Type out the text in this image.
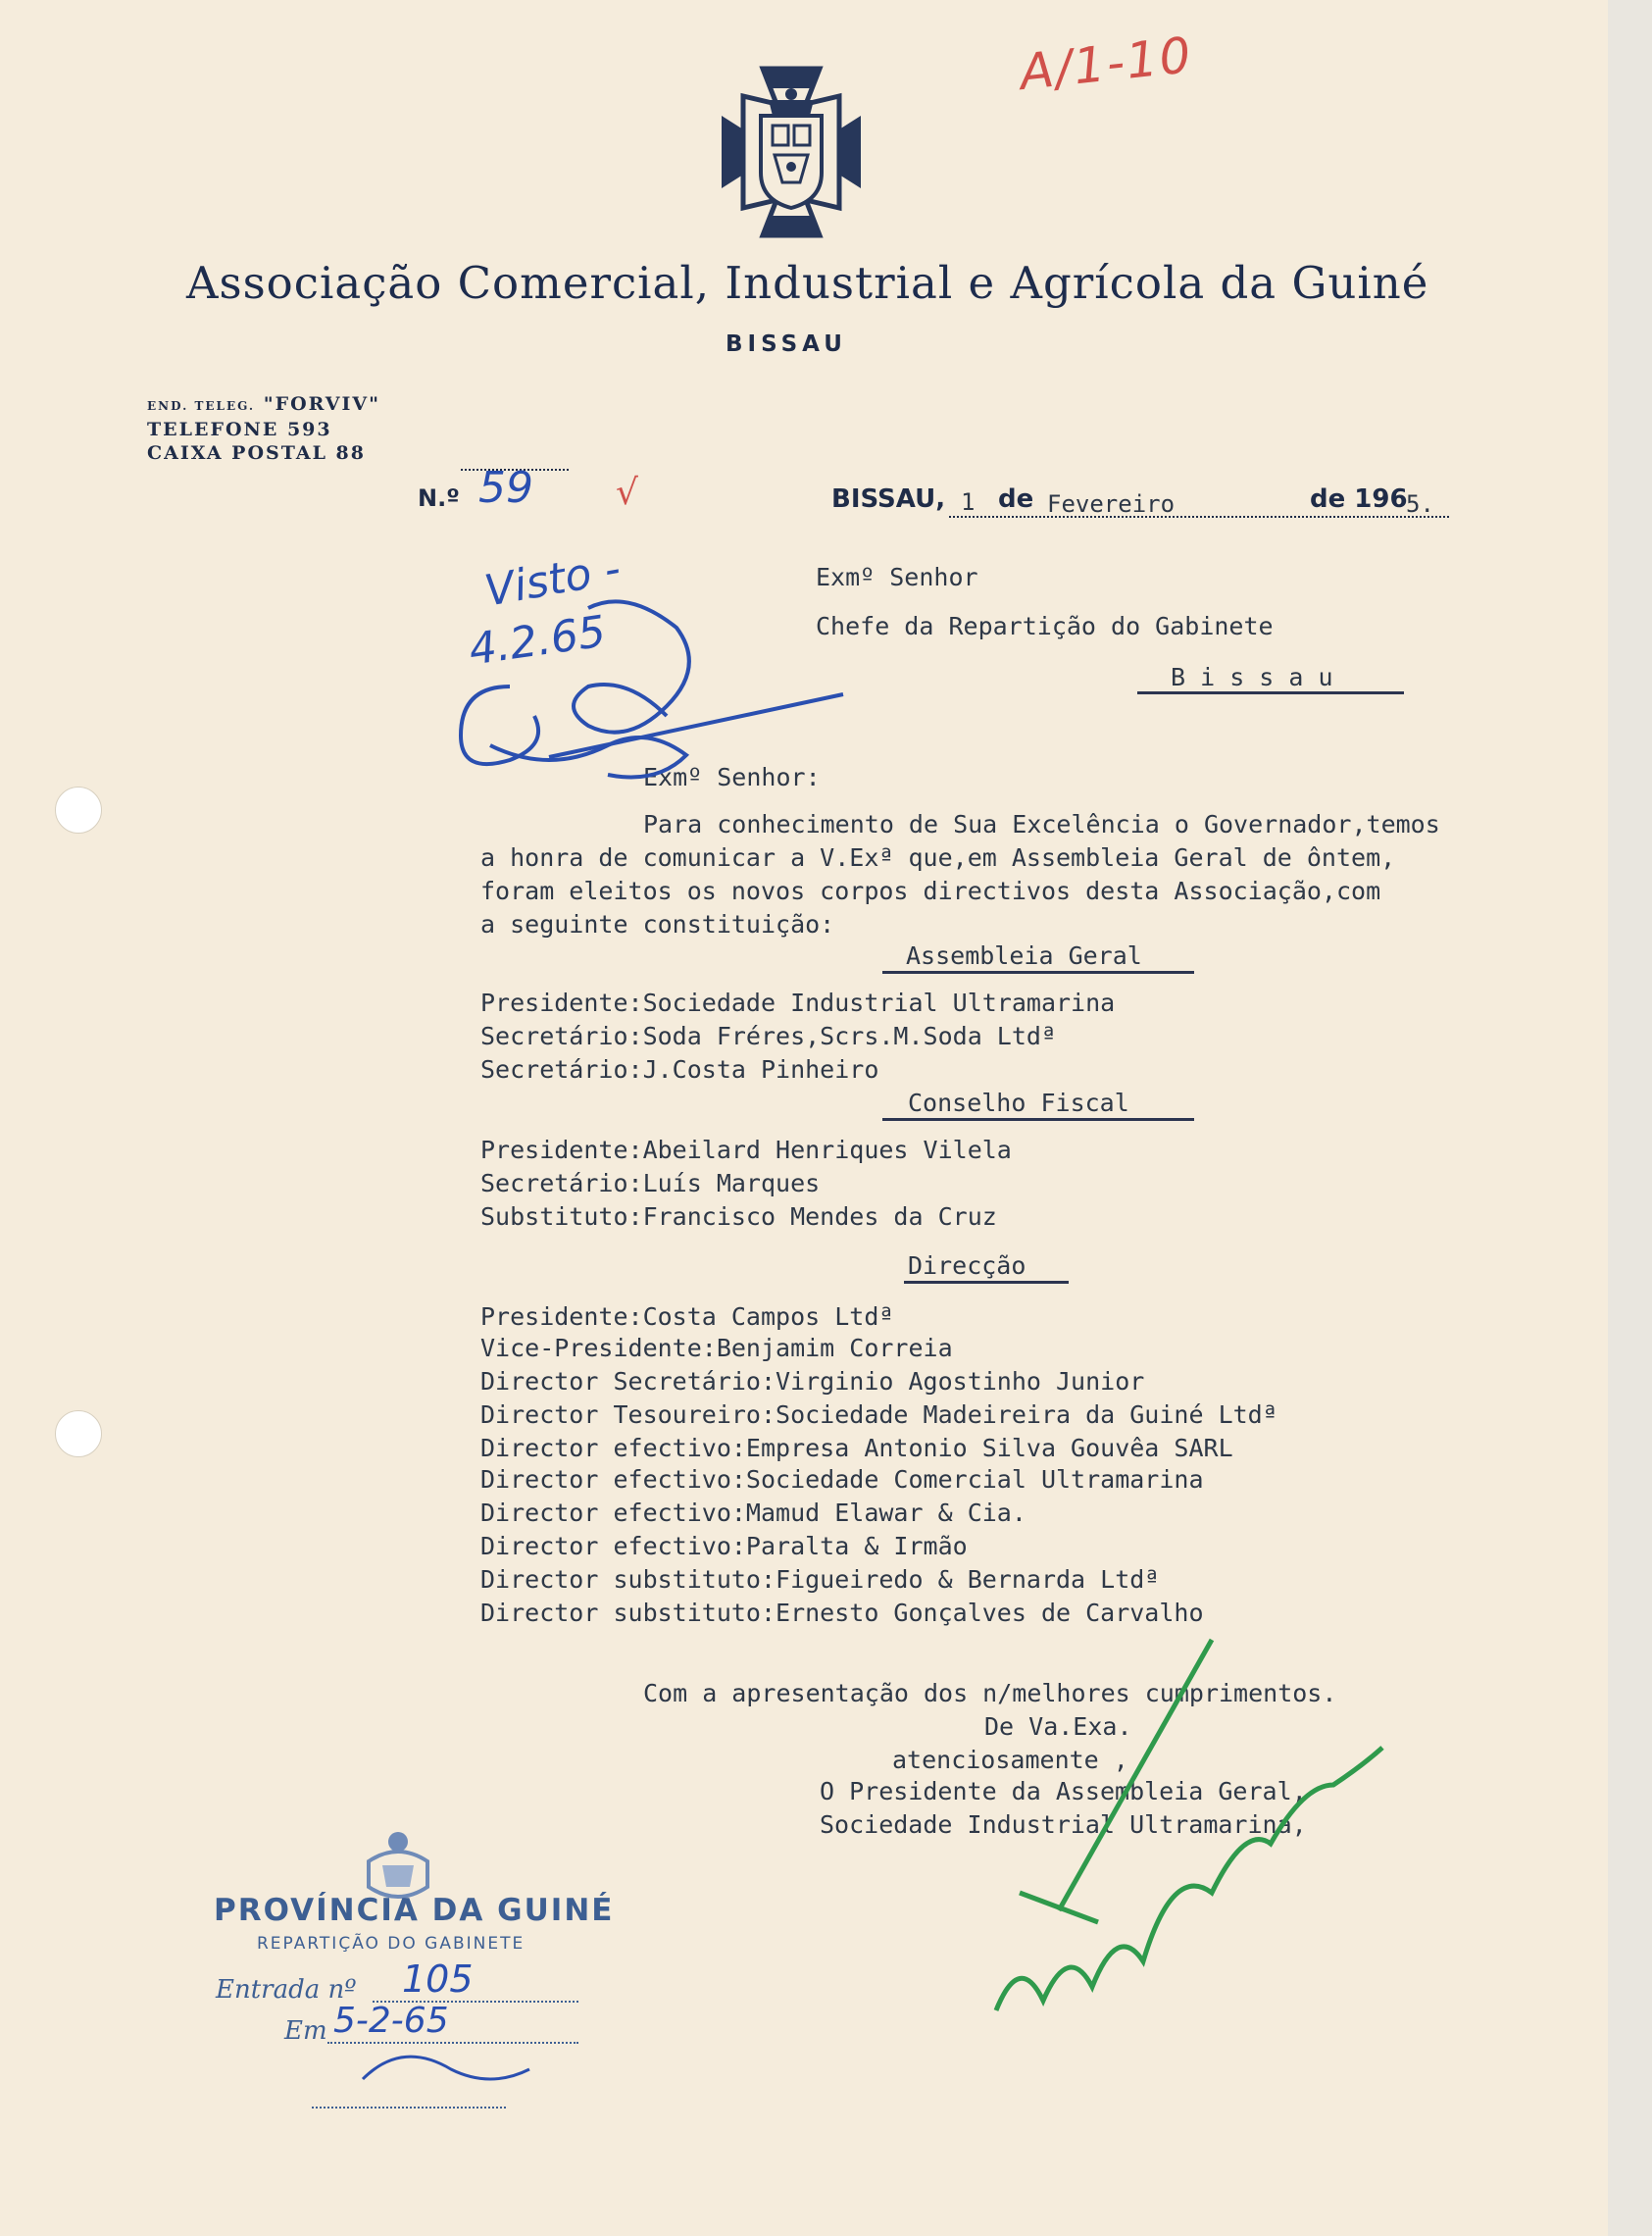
A/1-10
Associação Comercial, Industrial e Agrícola da Guiné
BISSAU
END. TELEG. "FORVIV"
TELEFONE 593
CAIXA POSTAL 88
N.º 59 √	BISSAU, 1 de Fevereiro	de 196
5.
Visto -
4.2.65
Exmº Senhor
Chefe da Repartição do Gabinete
B i s s a u
Exmº Senhor:
Para conhecimento de Sua Excelência o Governador,temos
a honra de comunicar a V.Exª que,em Assembleia Geral de ôntem,
foram eleitos os novos corpos directivos desta Associação,com
a seguinte constituição:
Assembleia Geral
Presidente:Sociedade Industrial Ultramarina
Secretário:Soda Fréres,Scrs.M.Soda Ltdª
Secretário:J.Costa Pinheiro
Conselho Fiscal
Presidente:Abeilard Henriques Vilela
Secretário:Luís Marques
Substituto:Francisco Mendes da Cruz
Direcção
Presidente:Costa Campos Ltdª
Vice-Presidente:Benjamim Correia
Director Secretário:Virginio Agostinho Junior
Director Tesoureiro:Sociedade Madeireira da Guiné Ltdª
Director efectivo:Empresa Antonio Silva Gouvêa SARL
Director efectivo:Sociedade Comercial Ultramarina
Director efectivo:Mamud Elawar & Cia.
Director efectivo:Paralta & Irmão
Director substituto:Figueiredo & Bernarda Ltdª
Director substituto:Ernesto Gonçalves de Carvalho
Com a apresentação dos n/melhores cumprimentos.
De Va.Exa.
atenciosamente ,
O Presidente da Assembleia Geral,
Sociedade Industrial Ultramarina,
PROVÍNCIA DA GUINÉ
REPARTIÇÃO DO GABINETE
Entrada nº 105
Em 5-2-65
